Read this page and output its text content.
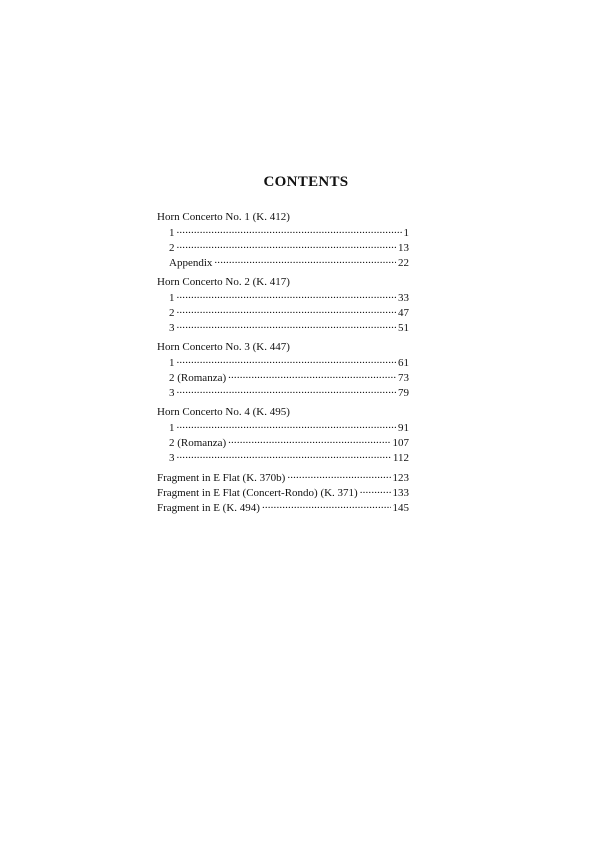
CONTENTS
Horn Concerto No. 1 (K. 412)
1 . . .	1
2 . . .	13
Appendix . . .	22
Horn Concerto No. 2 (K. 417)
1 . . .	33
2 . . .	47
3 . . .	51
Horn Concerto No. 3 (K. 447)
1 . . .	61
2 (Romanza) . . .	73
3 . . .	79
Horn Concerto No. 4 (K. 495)
1 . . .	91
2 (Romanza) . . .	107
3 . . .	112
Fragment in E Flat (K. 370b) . . .	123
Fragment in E Flat (Concert-Rondo) (K. 371) . . .	133
Fragment in E (K. 494) . . .	145
